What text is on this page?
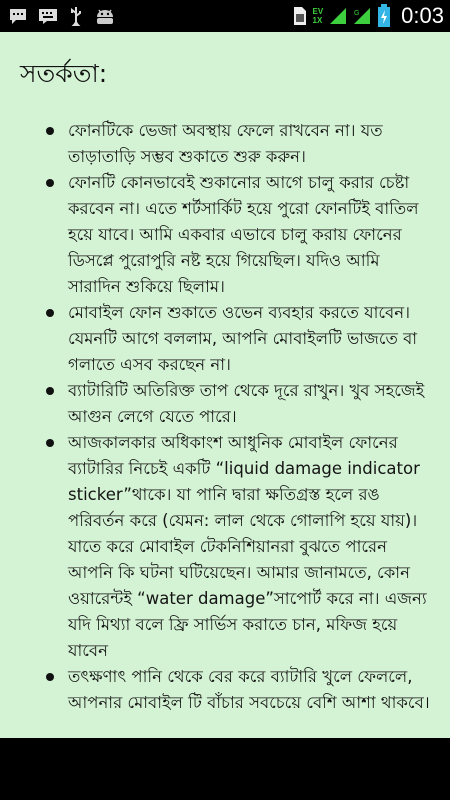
EV
1X
G 0:03
সতর্কতা:
ফোনটিকে ভেজা অবস্থায় ফেলে রাখবেন না। যত তাড়াতাড়ি সম্ভব শুকাতে শুরু করুন।
ফোনটি কোনভাবেই শুকানোর আগে চালু করার চেষ্টা করবেন না। এতে শর্টসার্কিট হয়ে পুরো ফোনটিই বাতিল হয়ে যাবে। আমি একবার এভাবে চালু করায় ফোনের ডিসপ্লে পুরোপুরি নষ্ট হয়ে গিয়েছিল। যদিও আমি সারাদিন শুকিয়ে ছিলাম।
মোবাইল ফোন শুকাতে ওভেন ব্যবহার করতে যাবেন। যেমনটি আগে বললাম, আপনি মোবাইলটি ভাজতে বা গলাতে এসব করছেন না।
ব্যাটারিটি অতিরিক্ত তাপ থেকে দূরে রাখুন। খুব সহজেই আগুন লেগে যেতে পারে।
আজকালকার অধিকাংশ আধুনিক মোবাইল ফোনের ব্যাটারির নিচেই একটি “liquid damage indicator sticker”থাকে। যা পানি দ্বারা ক্ষতিগ্রস্ত হলে রঙ পরিবর্তন করে (যেমন: লাল থেকে গোলাপি হয়ে যায়)। যাতে করে মোবাইল টেকনিশিয়ানরা বুঝতে পারেন আপনি কি ঘটনা ঘটিয়েছেন। আমার জানামতে, কোন ওয়ারেন্টই “water damage”সাপোর্ট করে না। এজন্য যদি মিথ্যা বলে ফ্রি সার্ভিস করাতে চান, মফিজ হয়ে যাবেন
তৎক্ষণাৎ পানি থেকে বের করে ব্যাটারি খুলে ফেললে, আপনার মোবাইল টি বাঁচার সবচেয়ে বেশি আশা থাকবে।
